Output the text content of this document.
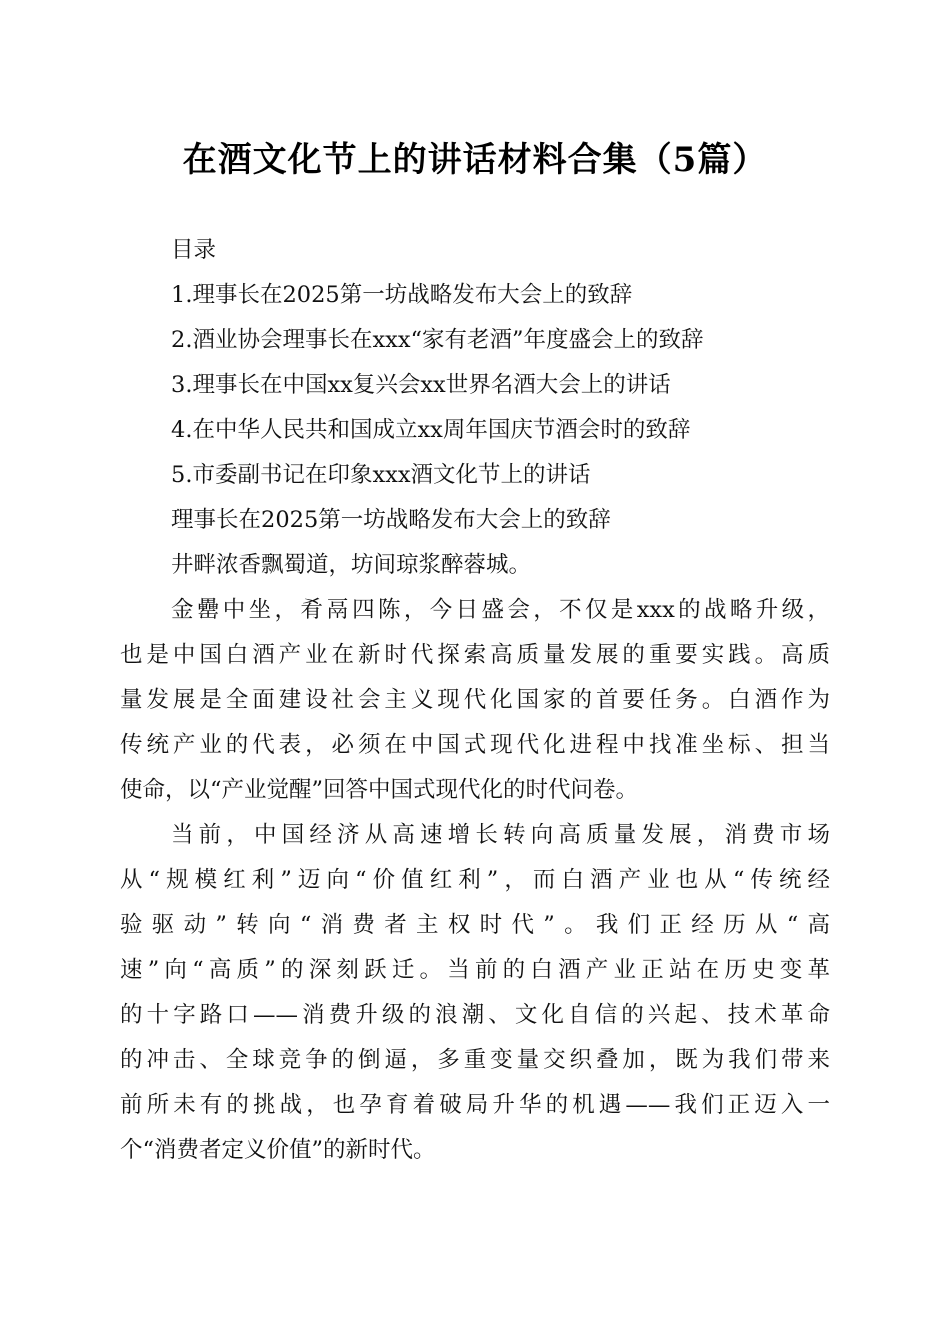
在酒文化节上的讲话材料合集（5篇）
目录
1.理事长在2025第一坊战略发布大会上的致辞
2.酒业协会理事长在xxx“家有老酒”年度盛会上的致辞
3.理事长在中国xx复兴会xx世界名酒大会上的讲话
4.在中华人民共和国成立xx周年国庆节酒会时的致辞
5.市委副书记在印象xxx酒文化节上的讲话
理事长在2025第一坊战略发布大会上的致辞
井畔浓香飘蜀道，坊间琼浆醉蓉城。
金罍中坐，肴鬲四陈，今日盛会，不仅是xxx的战略升级，
也是中国白酒产业在新时代探索高质量发展的重要实践。高质
量发展是全面建设社会主义现代化国家的首要任务。白酒作为
传统产业的代表，必须在中国式现代化进程中找准坐标、担当
使命，以“产业觉醒”回答中国式现代化的时代问卷。
当前，中国经济从高速增长转向高质量发展，消费市场
从“规模红利”迈向“价值红利”，而白酒产业也从“传统经
验驱动”转向“消费者主权时代”。我们正经历从“高
速”向“高质”的深刻跃迁。当前的白酒产业正站在历史变革
的十字路口——消费升级的浪潮、文化自信的兴起、技术革命
的冲击、全球竞争的倒逼，多重变量交织叠加，既为我们带来
前所未有的挑战，也孕育着破局升华的机遇——我们正迈入一
个“消费者定义价值”的新时代。
